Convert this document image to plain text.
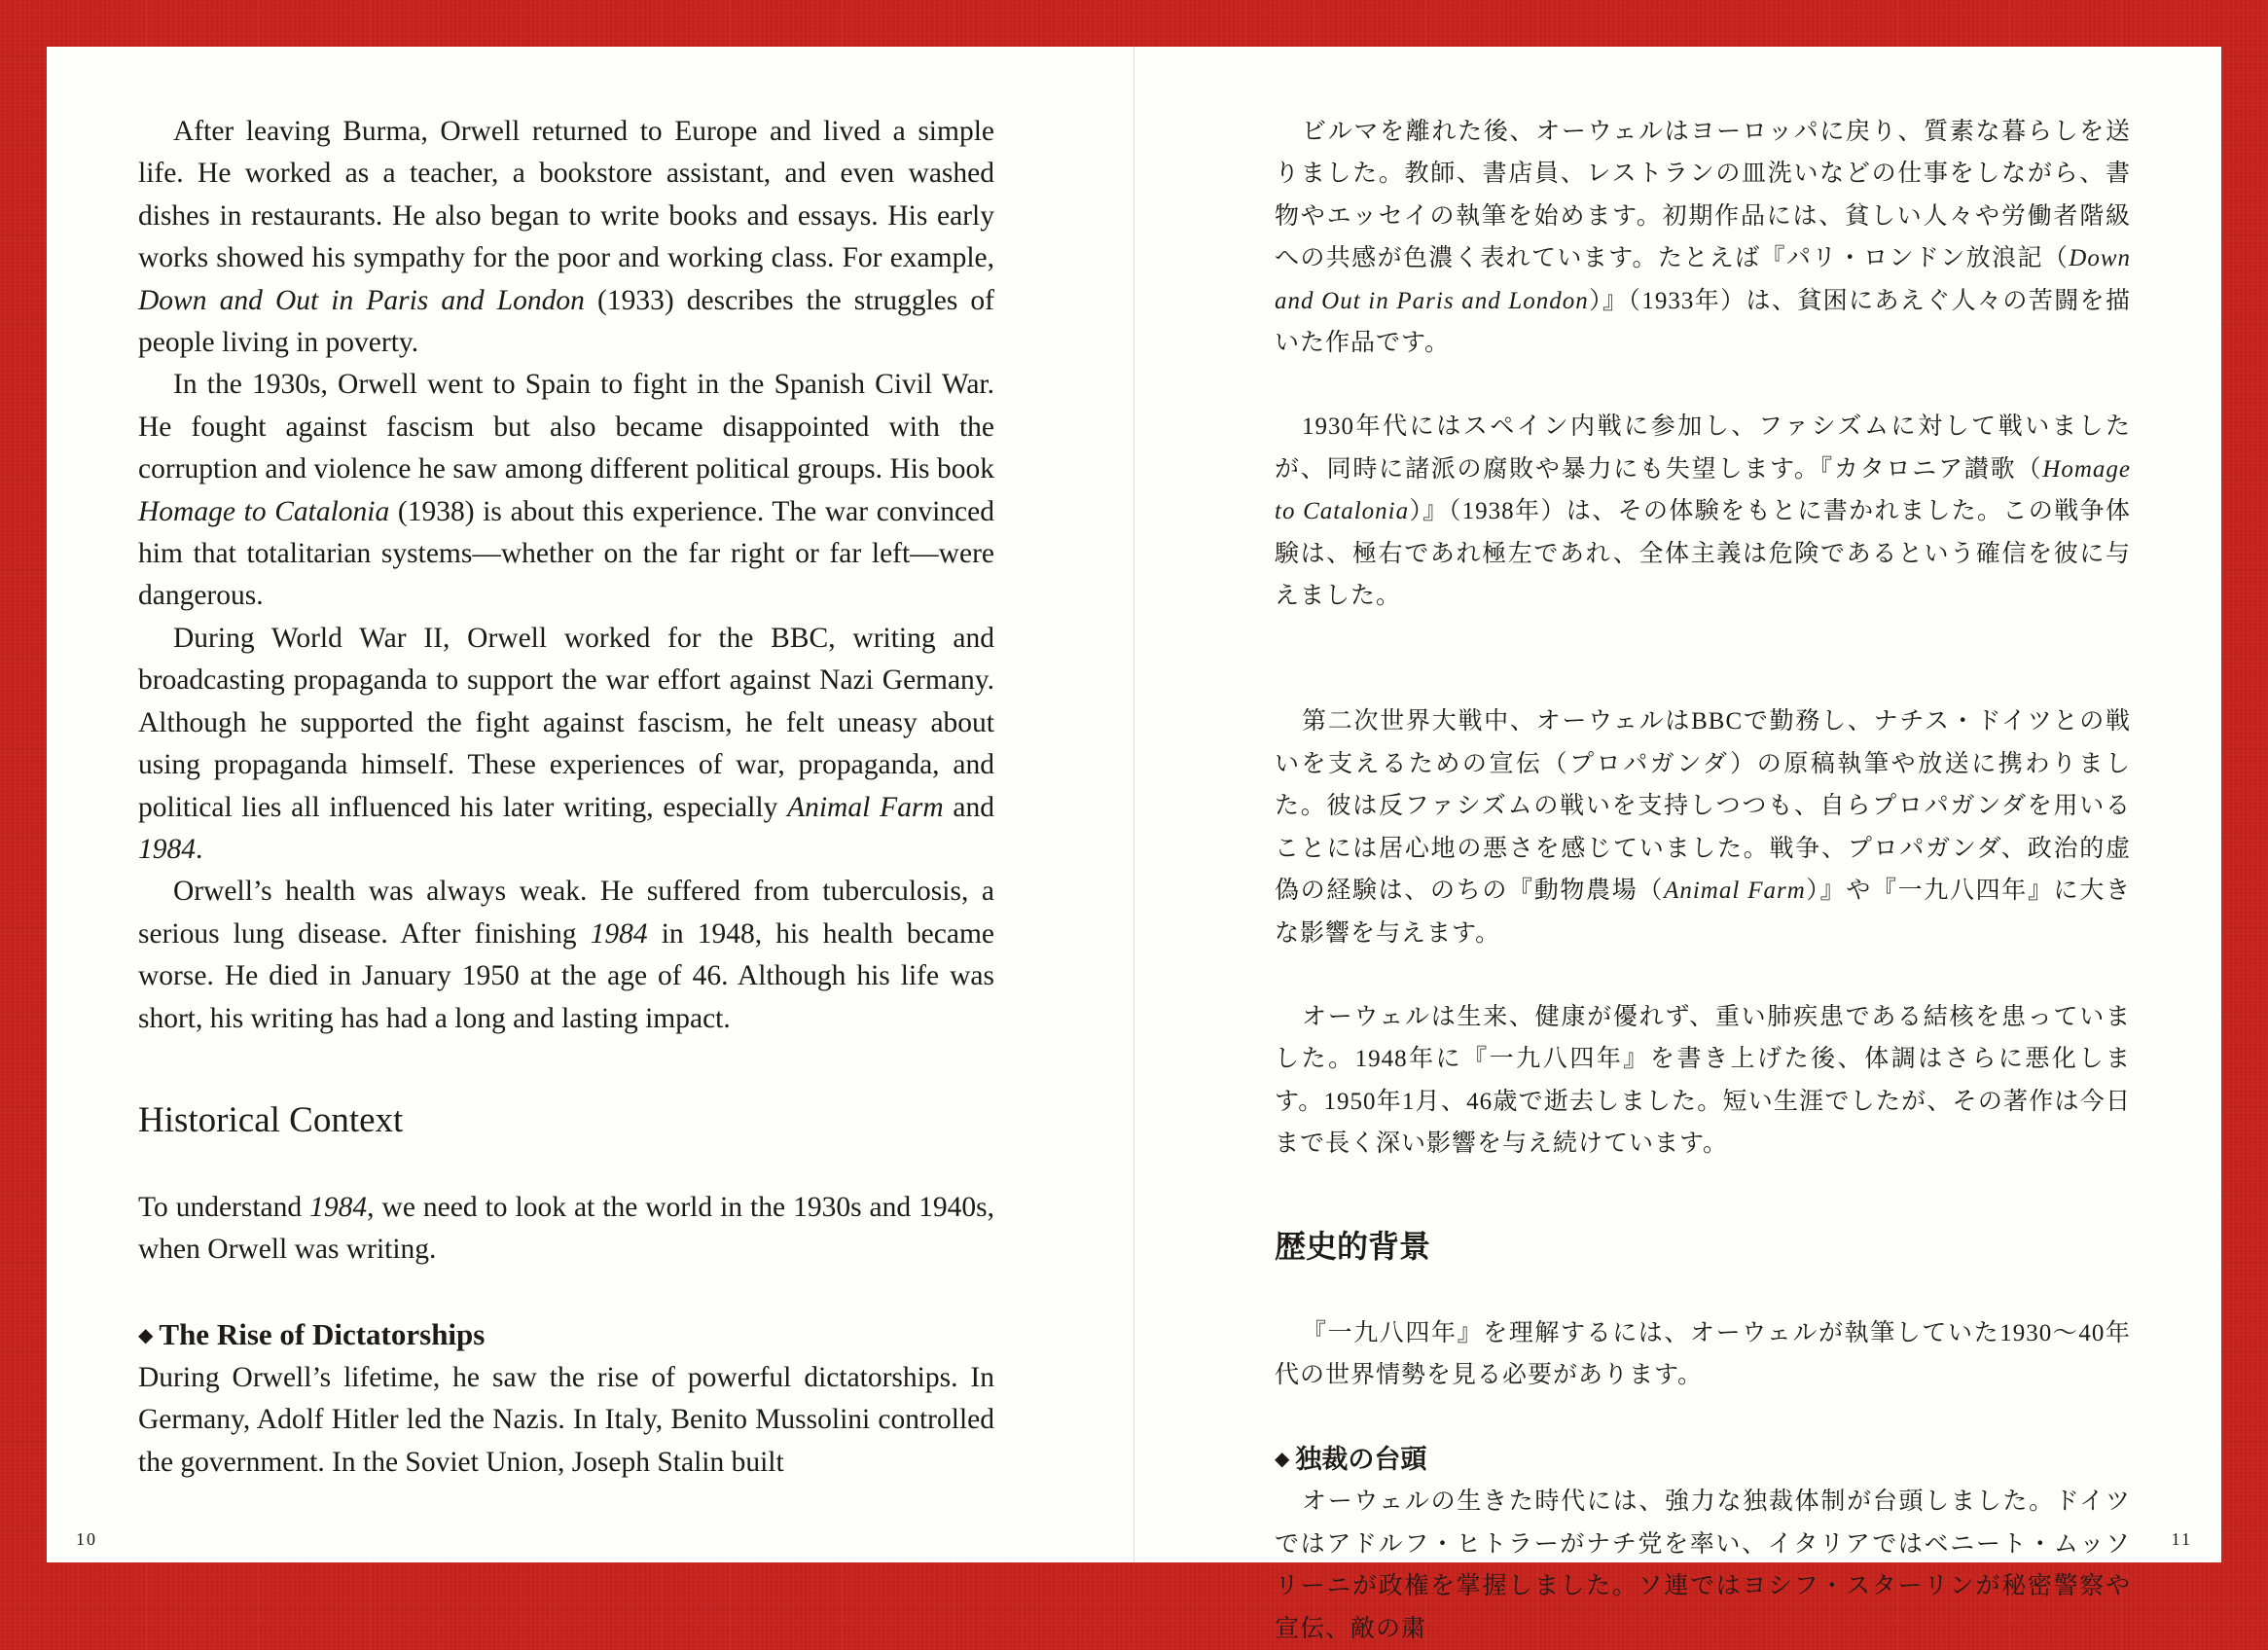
After leaving Burma, Orwell returned to Europe and lived a simple life. He worked as a teacher, a bookstore assistant, and even washed dishes in restaurants. He also began to write books and essays. His early works showed his sympathy for the poor and working class. For example, Down and Out in Paris and London (1933) describes the struggles of people living in poverty.

In the 1930s, Orwell went to Spain to fight in the Spanish Civil War. He fought against fascism but also became disappointed with the corruption and violence he saw among different political groups. His book Homage to Catalonia (1938) is about this experience. The war convinced him that totalitarian systems—whether on the far right or far left—were dangerous.

During World War II, Orwell worked for the BBC, writing and broadcasting propaganda to support the war effort against Nazi Germany. Although he supported the fight against fascism, he felt uneasy about using propaganda himself. These experiences of war, propaganda, and political lies all influenced his later writing, especially Animal Farm and 1984.

Orwell’s health was always weak. He suffered from tuberculosis, a serious lung disease. After finishing 1984 in 1948, his health became worse. He died in January 1950 at the age of 46. Although his life was short, his writing has had a long and lasting impact.

Historical Context

To understand 1984, we need to look at the world in the 1930s and 1940s, when Orwell was writing.

◆ The Rise of Dictatorships

During Orwell’s lifetime, he saw the rise of powerful dictatorships. In Germany, Adolf Hitler led the Nazis. In Italy, Benito Mussolini controlled the government. In the Soviet Union, Joseph Stalin built

10

ビルマを離れた後、オーウェルはヨーロッパに戻り、質素な暮らしを送りました。教師、書店員、レストランの皿洗いなどの仕事をしながら、書物やエッセイの執筆を始めます。初期作品には、貧しい人々や労働者階級への共感が色濃く表れています。たとえば『パリ・ロンドン放浪記（Down and Out in Paris and London）』（1933年）は、貧困にあえぐ人々の苦闘を描いた作品です。

1930年代にはスペイン内戦に参加し、ファシズムに対して戦いましたが、同時に諸派の腐敗や暴力にも失望します。『カタロニア讃歌（Homage to Catalonia）』（1938年）は、その体験をもとに書かれました。この戦争体験は、極右であれ極左であれ、全体主義は危険であるという確信を彼に与えました。

第二次世界大戦中、オーウェルはBBCで勤務し、ナチス・ドイツとの戦いを支えるための宣伝（プロパガンダ）の原稿執筆や放送に携わりました。彼は反ファシズムの戦いを支持しつつも、自らプロパガンダを用いることには居心地の悪さを感じていました。戦争、プロパガンダ、政治的虚偽の経験は、のちの『動物農場（Animal Farm）』や『一九八四年』に大きな影響を与えます。

オーウェルは生来、健康が優れず、重い肺疾患である結核を患っていました。1948年に『一九八四年』を書き上げた後、体調はさらに悪化します。1950年1月、46歳で逝去しました。短い生涯でしたが、その著作は今日まで長く深い影響を与え続けています。

歴史的背景

『一九八四年』を理解するには、オーウェルが執筆していた1930～40年代の世界情勢を見る必要があります。

◆ 独裁の台頭

オーウェルの生きた時代には、強力な独裁体制が台頭しました。ドイツではアドルフ・ヒトラーがナチ党を率い、イタリアではベニート・ムッソリーニが政権を掌握しました。ソ連ではヨシフ・スターリンが秘密警察や宣伝、敵の粛

11
